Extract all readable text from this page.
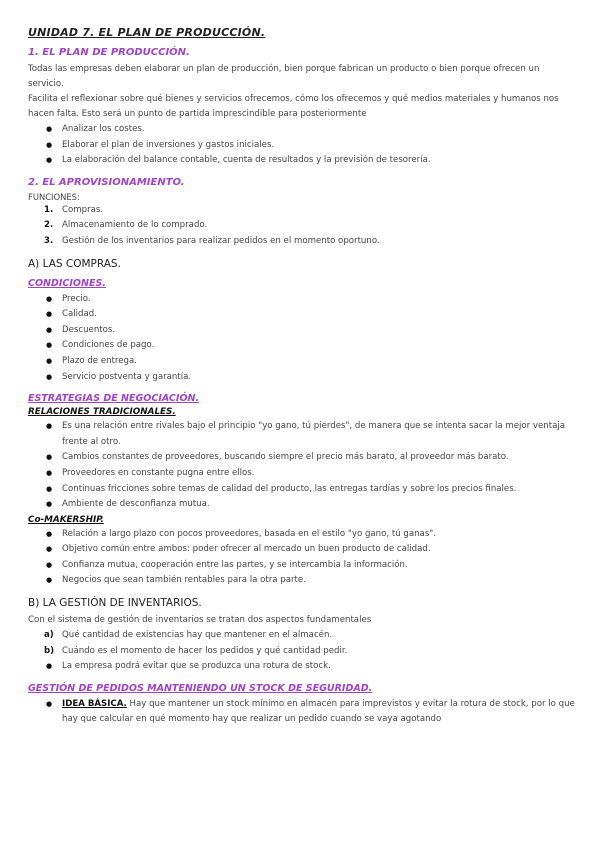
UNIDAD 7. EL PLAN DE PRODUCCIÓN.
1. EL PLAN DE PRODUCCIÓN.

Todas las empresas deben elaborar un plan de producción, bien porque fabrican un producto o bien porque ofrecen un servicio.

Facilita el reflexionar sobre qué bienes y servicios ofrecemos, cómo los ofrecemos y qué medios materiales y humanos nos hacen falta. Esto será un punto de partida imprescindible para posteriormente

● Analizar los costes.
● Elaborar el plan de inversiones y gastos iniciales.
● La elaboración del balance contable, cuenta de resultados y la previsión de tesorería.
2. EL APROVISIONAMIENTO.
FUNCIONES:
1. Compras.
2. Almacenamiento de lo comprado.
3. Gestión de los inventarios para realizar pedidos en el momento oportuno.
A) LAS COMPRAS.
CONDICIONES.
● Precio.
● Calidad.
● Descuentos.
● Condiciones de pago.
● Plazo de entrega.
● Servicio postventa y garantía.
ESTRATEGIAS DE NEGOCIACIÓN.
RELACIONES TRADICIONALES.
● Es una relación entre rivales bajo el principio "yo gano, tú pierdes", de manera que se intenta sacar la mejor ventaja frente al otro.
● Cambios constantes de proveedores, buscando siempre el precio más barato, al proveedor más barato.
● Proveedores en constante pugna entre ellos.
● Continuas fricciones sobre temas de calidad del producto, las entregas tardías y sobre los precios finales.
● Ambiente de desconfianza mutua.
Co-MAKERSHIP.
● Relación a largo plazo con pocos proveedores, basada en el estilo "yo gano, tú ganas".
● Objetivo común entre ambos: poder ofrecer al mercado un buen producto de calidad.
● Confianza mutua, cooperación entre las partes, y se intercambia la información.
● Negocios que sean también rentables para la otra parte.
B) LA GESTIÓN DE INVENTARIOS.

Con el sistema de gestión de inventarios se tratan dos aspectos fundamentales

a) Qué cantidad de existencias hay que mantener en el almacén.
b) Cuándo es el momento de hacer los pedidos y qué cantidad pedir.
● La empresa podrá evitar que se produzca una rotura de stock.
GESTIÓN DE PEDIDOS MANTENIENDO UN STOCK DE SEGURIDAD.
● IDEA BÁSICA. Hay que mantener un stock mínimo en almacén para imprevistos y evitar la rotura de stock, por lo que hay que calcular en qué momento hay que realizar un pedido cuando se vaya agotando
